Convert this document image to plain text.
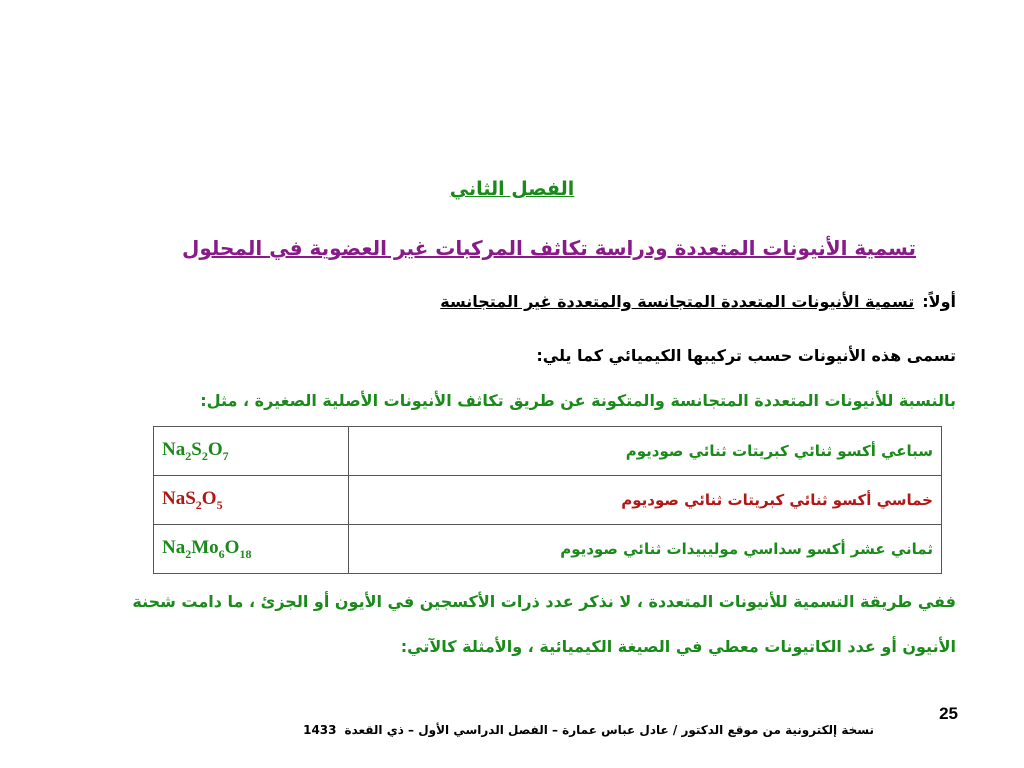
الفصل الثاني
تسمية الأنيونات المتعددة ودراسة تكاثف المركبات غير العضوية في المحلول
أولاً:تسمية الأنيونات المتعددة المتجانسة والمتعددة غير المتجانسة
تسمى هذه الأنيونات حسب تركيبها الكيميائي كما يلي:
بالنسبة للأنيونات المتعددة المتجانسة والمتكونة عن طريق تكاثف الأنيونات الأصلية الصغيرة ، مثل:
سباعي أكسو ثنائي كبريتات ثنائي صوديوم	$Na_2S_2O_7$
خماسي أكسو ثنائي كبريتات ثنائي صوديوم	$NaS_2O_5$
ثماني عشر أكسو سداسي موليبيدات ثنائي صوديوم	$Na_2Mo_6O_{18}$
ففي طريقة التسمية للأنيونات المتعددة ، لا نذكر عدد ذرات الأكسجين في الأيون أو الجزئ ، ما دامت شحنة
الأنيون أو عدد الكاتيونات معطي في الصيغة الكيميائية ، والأمثلة كالآتي:
25
نسخة إلكترونية من موقع الدكتور / عادل عباس عمارة – الفصل الدراسي الأول – ذي القعدة1433
